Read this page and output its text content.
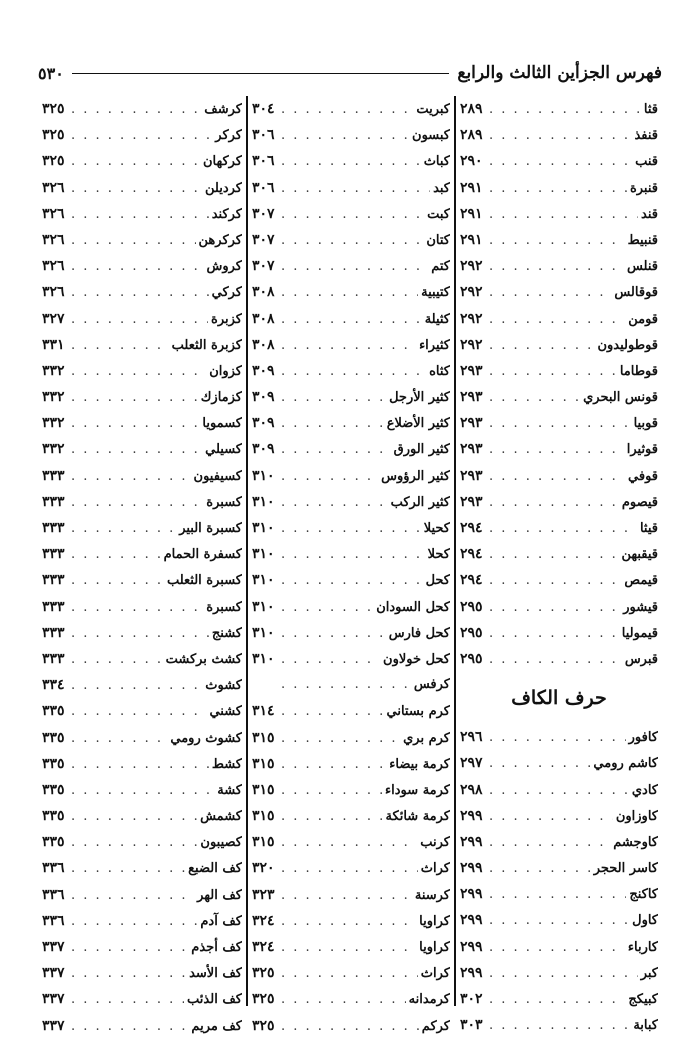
فهرس الجزأين الثالث والرابع
٥٣٠
قثا
. . .
٢٨٩
قنفذ
. . .
٢٨٩
قنب
. . .
٢٩٠
قنبرة
. . .
٢٩١
قند
. . .
٢٩١
قنبيط
. . .
٢٩١
قنلس
. . .
٢٩٢
قوقالس
. . .
٢٩٢
قومن
. . .
٢٩٢
قوطوليدون
. . .
٢٩٢
قوطاما
. . .
٢٩٣
قونس البحري
. . .
٢٩٣
قوبيا
. . .
٢٩٣
قوثيرا
. . .
٢٩٣
قوفي
. . .
٢٩٣
قيصوم
. . .
٢٩٣
قيثا
. . .
٢٩٤
قيقبهن
. . .
٢٩٤
قيمص
. . .
٢٩٤
قيشور
. . .
٢٩٥
قيموليا
. . .
٢٩٥
قبرس
. . .
٢٩٥
حرف الكاف
كافور
. . .
٢٩٦
كاشم رومي
. . .
٢٩٧
كادي
. . .
٢٩٨
كاوزاون
. . .
٢٩٩
كاوجشم
. . .
٢٩٩
كاسر الحجر
. . .
٢٩٩
كاكنج
. . .
٢٩٩
كاول
. . .
٢٩٩
كارباء
. . .
٢٩٩
كبر
. . .
٢٩٩
كبيكج
. . .
٣٠٢
كبابة
. . .
٣٠٣
كبريت
. . .
٣٠٤
كبسون
. . .
٣٠٦
كباث
. . .
٣٠٦
كبد
. . .
٣٠٦
كبت
. . .
٣٠٧
كتان
. . .
٣٠٧
كتم
. . .
٣٠٧
كتيبية
. . .
٣٠٨
كثيلة
. . .
٣٠٨
كثيراء
. . .
٣٠٨
كثاه
. . .
٣٠٩
كثير الأرجل
. . .
٣٠٩
كثير الأضلاع
. . .
٣٠٩
كثير الورق
. . .
٣٠٩
كثير الرؤوس
. . .
٣١٠
كثير الركب
. . .
٣١٠
كحيلا
. . .
٣١٠
كحلا
. . .
٣١٠
كحل
. . .
٣١٠
كحل السودان
. . .
٣١٠
كحل فارس
. . .
٣١٠
كحل خولاون
. . .
٣١٠
كرفس
. . .
كرم بستاني
. . .
٣١٤
كرم بري
. . .
٣١٥
كرمة بيضاء
. . .
٣١٥
كرمة سوداء
. . .
٣١٥
كرمة شائكة
. . .
٣١٥
كرنب
. . .
٣١٥
كراث
. . .
٣٢٠
كرسنة
. . .
٣٢٣
كراويا
. . .
٣٢٤
كراويا
. . .
٣٢٤
كراث
. . .
٣٢٥
كرمدانه
. . .
٣٢٥
كركم
. . .
٣٢٥
كرشف
. . .
٣٢٥
كركر
. . .
٣٢٥
كركهان
. . .
٣٢٥
كرديلن
. . .
٣٢٦
كركند
. . .
٣٢٦
كركرهن
. . .
٣٢٦
كروش
. . .
٣٢٦
كركي
. . .
٣٢٦
كزبرة
. . .
٣٢٧
كزبرة الثعلب
. . .
٣٣١
كزوان
. . .
٣٣٢
كزمازك
. . .
٣٣٢
كسمويا
. . .
٣٣٢
كسيلي
. . .
٣٣٢
كسيفيون
. . .
٣٣٣
كسبرة
. . .
٣٣٣
كسبرة البير
. . .
٣٣٣
كسفرة الحمام
. . .
٣٣٣
كسبرة الثعلب
. . .
٣٣٣
كسبرة
. . .
٣٣٣
كشنج
. . .
٣٣٣
كشث بركشت
. . .
٣٣٣
كشوث
. . .
٣٣٤
كشني
. . .
٣٣٥
كشوث رومي
. . .
٣٣٥
كشط
. . .
٣٣٥
كشة
. . .
٣٣٥
كشمش
. . .
٣٣٥
كصيبون
. . .
٣٣٥
كف الضبع
. . .
٣٣٦
كف الهر
. . .
٣٣٦
كف آدم
. . .
٣٣٦
كف أجذم
. . .
٣٣٧
كف الأسد
. . .
٣٣٧
كف الذئب
. . .
٣٣٧
كف مريم
. . .
٣٣٧
